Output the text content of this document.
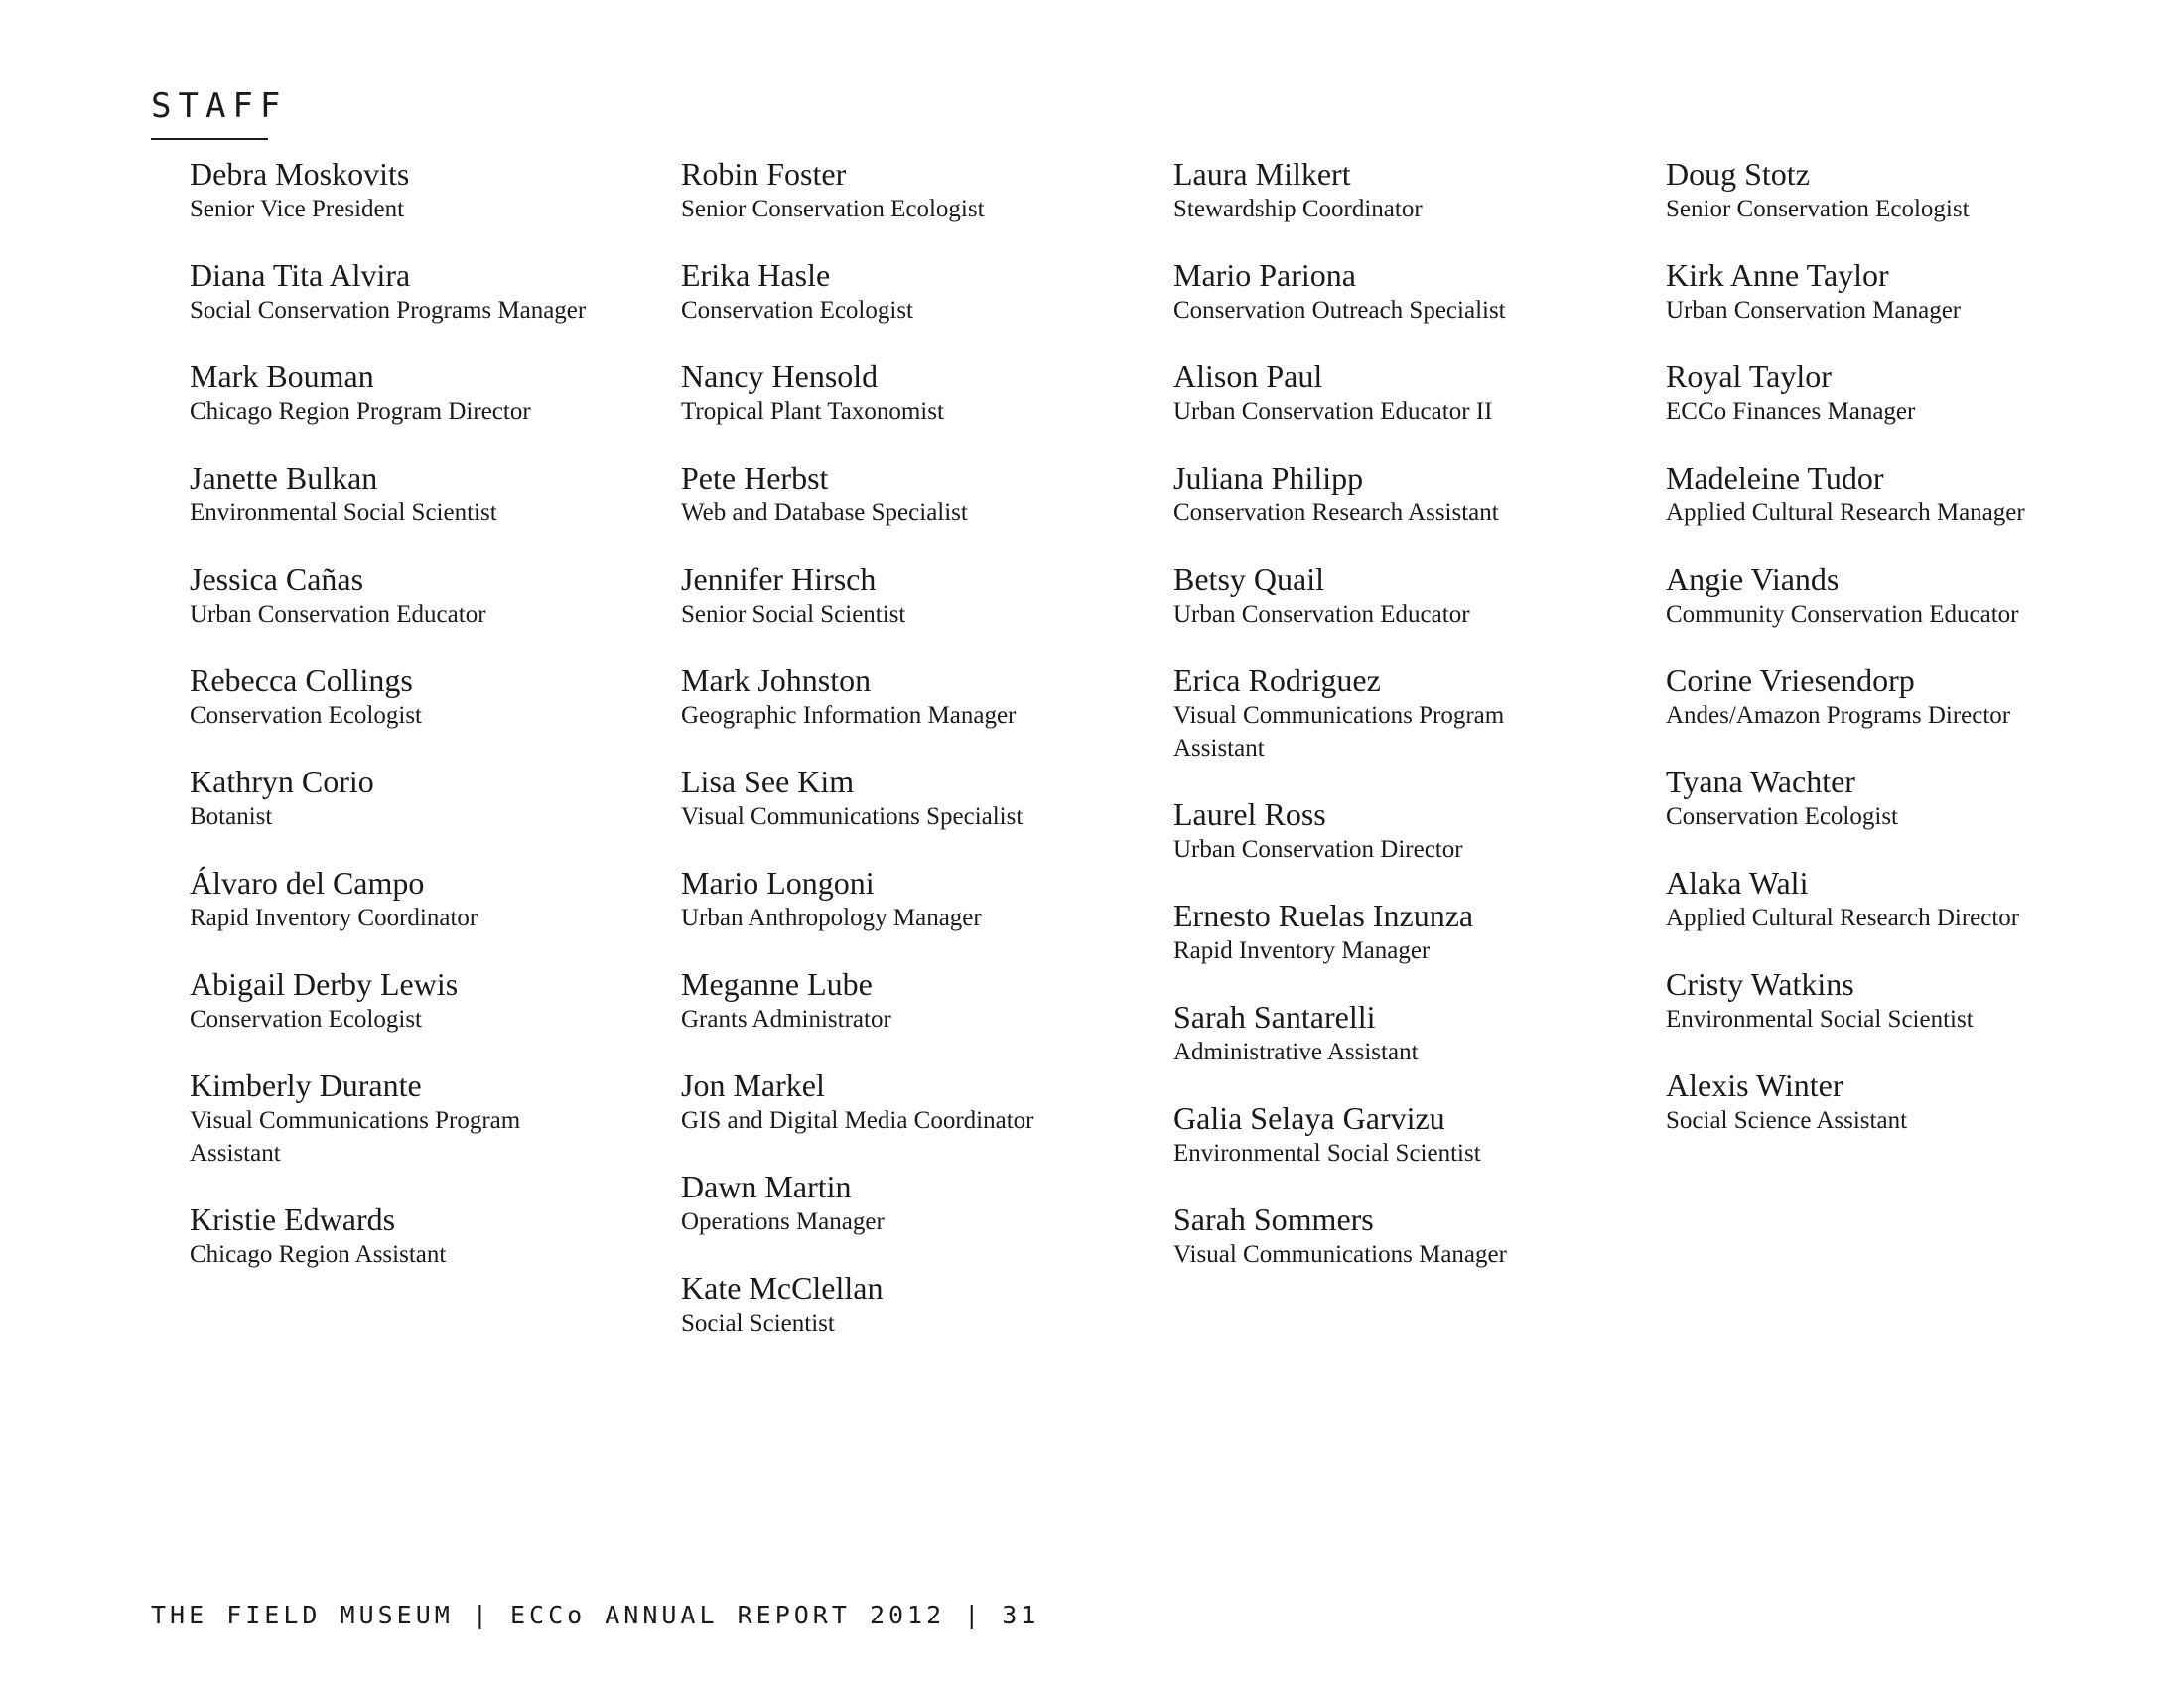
STAFF
Debra Moskovits
Senior Vice President
Diana Tita Alvira
Social Conservation Programs Manager
Mark Bouman
Chicago Region Program Director
Janette Bulkan
Environmental Social Scientist
Jessica Cañas
Urban Conservation Educator
Rebecca Collings
Conservation Ecologist
Kathryn Corio
Botanist
Álvaro del Campo
Rapid Inventory Coordinator
Abigail Derby Lewis
Conservation Ecologist
Kimberly Durante
Visual Communications Program Assistant
Kristie Edwards
Chicago Region Assistant
Robin Foster
Senior Conservation Ecologist
Erika Hasle
Conservation Ecologist
Nancy Hensold
Tropical Plant Taxonomist
Pete Herbst
Web and Database Specialist
Jennifer Hirsch
Senior Social Scientist
Mark Johnston
Geographic Information Manager
Lisa See Kim
Visual Communications Specialist
Mario Longoni
Urban Anthropology Manager
Meganne Lube
Grants Administrator
Jon Markel
GIS and Digital Media Coordinator
Dawn Martin
Operations Manager
Kate McClellan
Social Scientist
Laura Milkert
Stewardship Coordinator
Mario Pariona
Conservation Outreach Specialist
Alison Paul
Urban Conservation Educator II
Juliana Philipp
Conservation Research Assistant
Betsy Quail
Urban Conservation Educator
Erica Rodriguez
Visual Communications Program Assistant
Laurel Ross
Urban Conservation Director
Ernesto Ruelas Inzunza
Rapid Inventory Manager
Sarah Santarelli
Administrative Assistant
Galia Selaya Garvizu
Environmental Social Scientist
Sarah Sommers
Visual Communications Manager
Doug Stotz
Senior Conservation Ecologist
Kirk Anne Taylor
Urban Conservation Manager
Royal Taylor
ECCo Finances Manager
Madeleine Tudor
Applied Cultural Research Manager
Angie Viands
Community Conservation Educator
Corine Vriesendorp
Andes/Amazon Programs Director
Tyana Wachter
Conservation Ecologist
Alaka Wali
Applied Cultural Research Director
Cristy Watkins
Environmental Social Scientist
Alexis Winter
Social Science Assistant
THE FIELD MUSEUM | ECCo ANNUAL REPORT 2012 | 31
